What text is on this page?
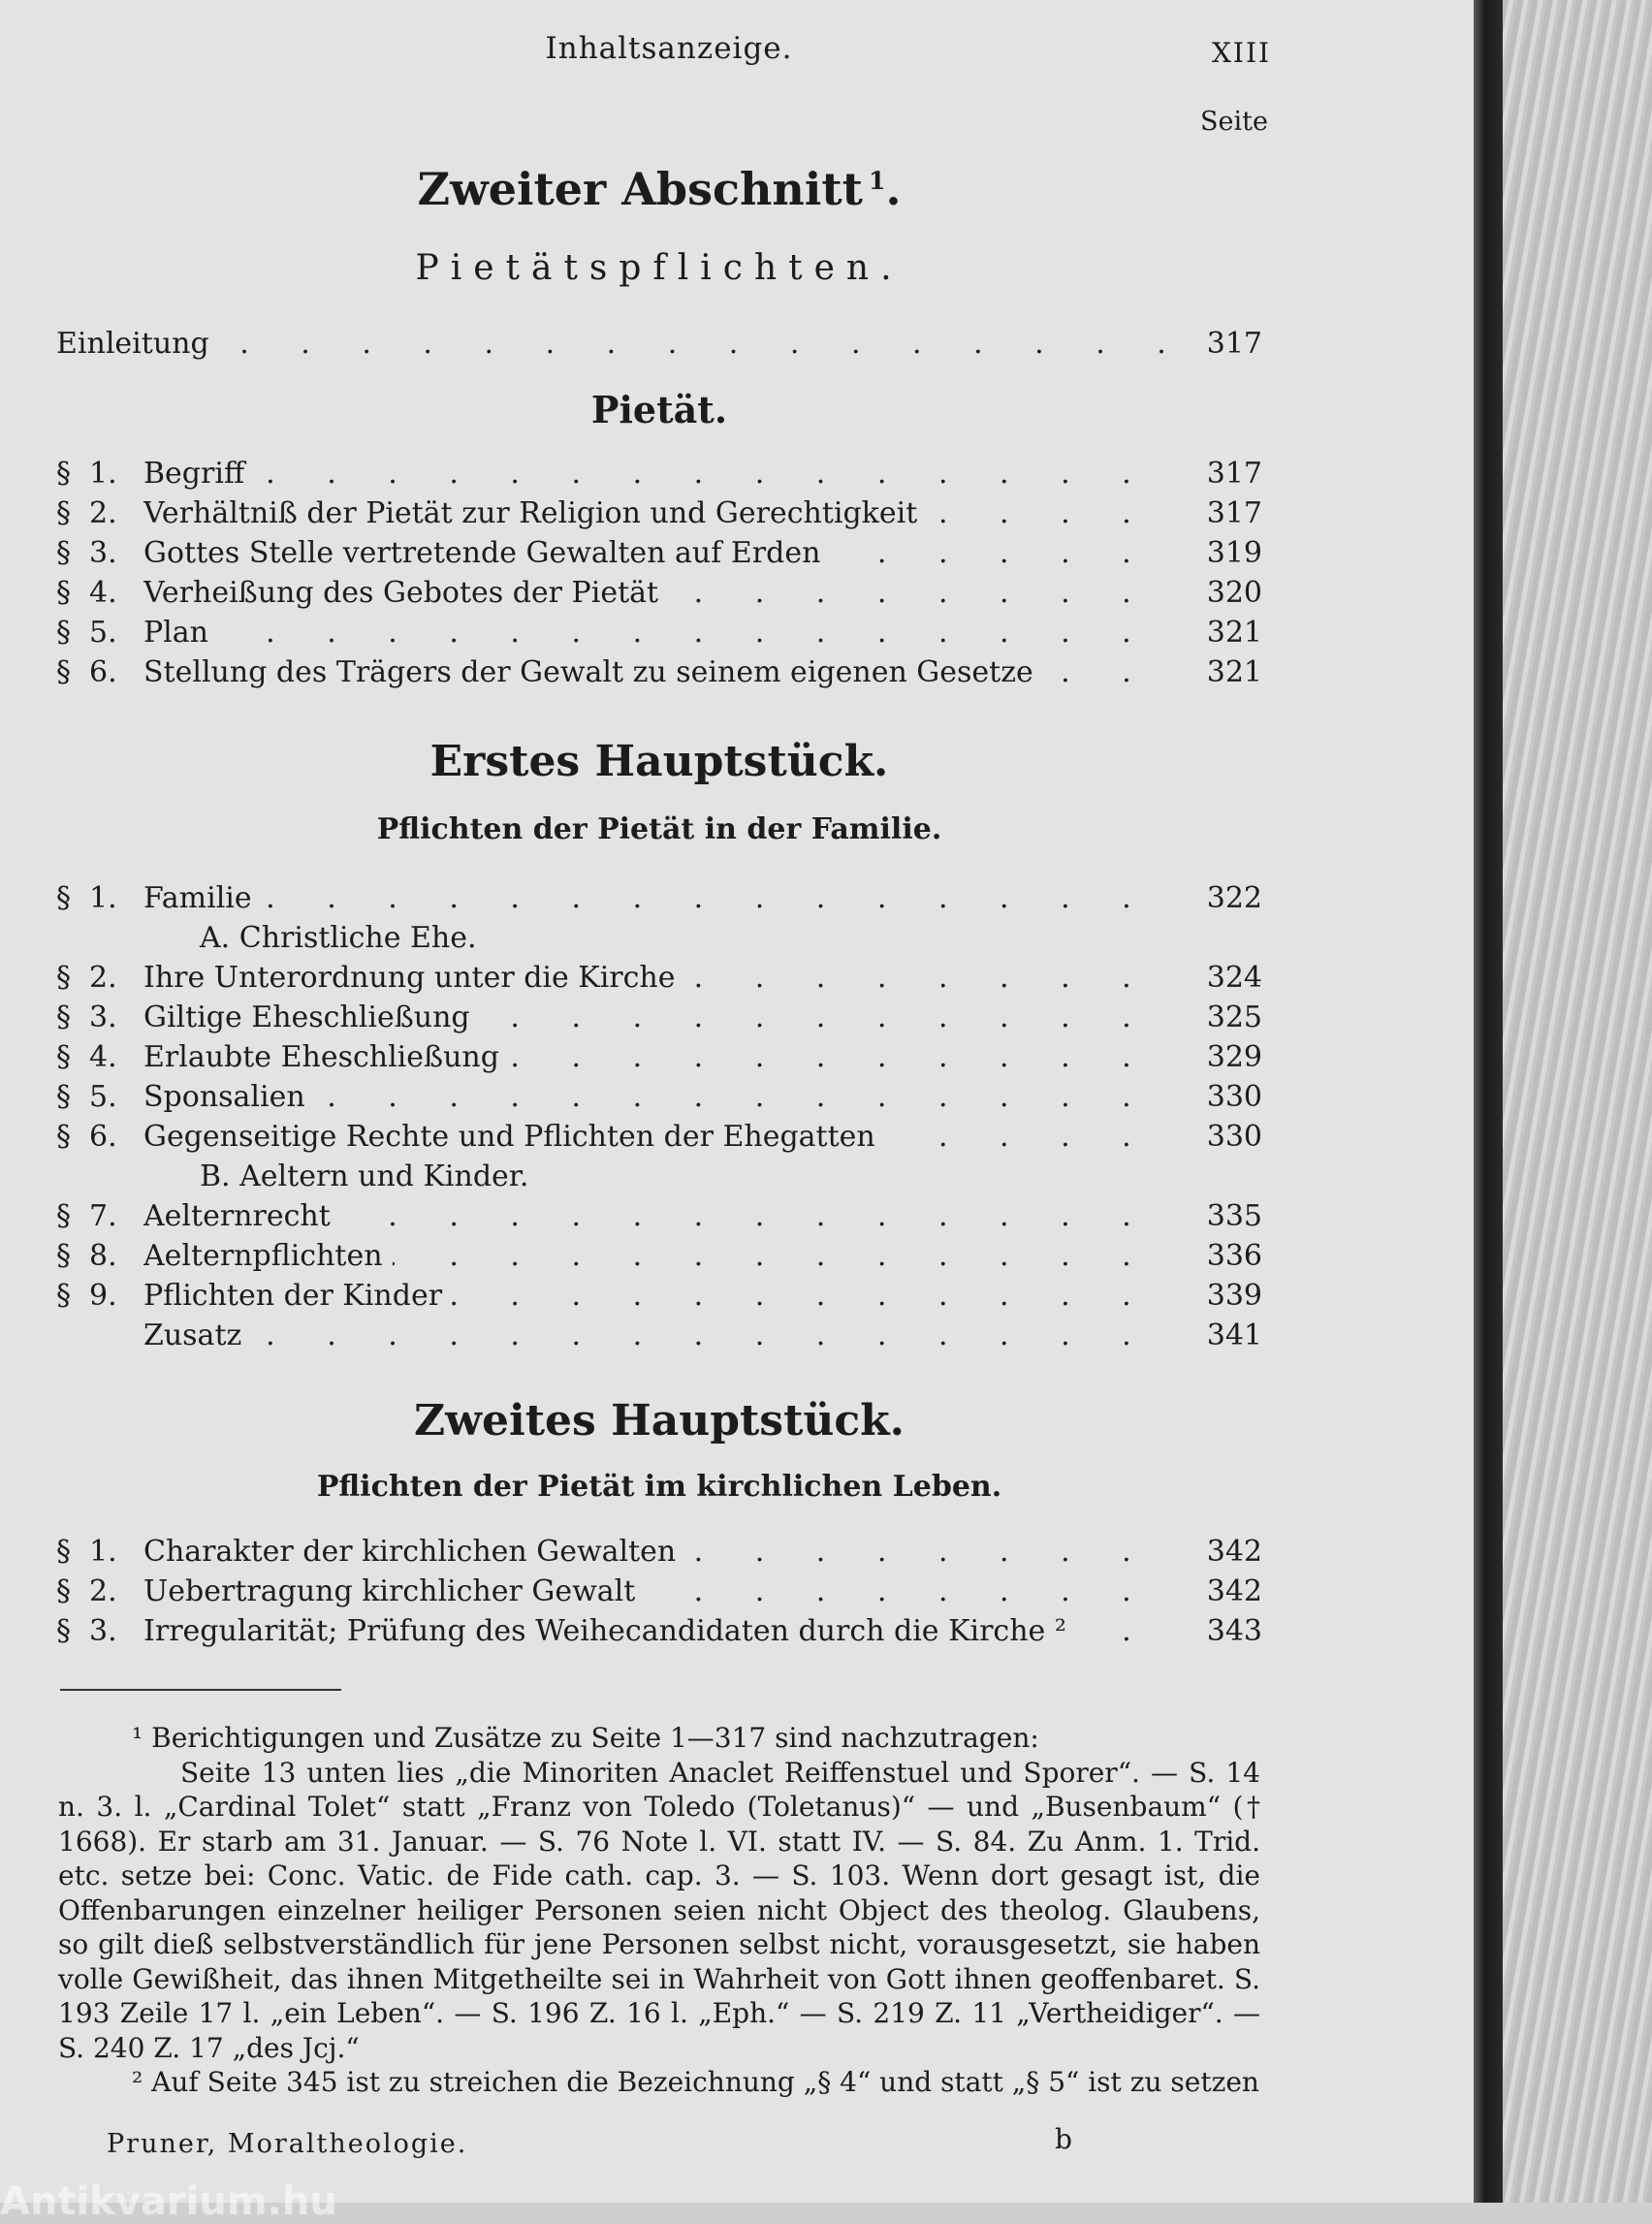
Inhaltsanzeige.	XIII
Seite
Zweiter Abschnitt $^1$.
Pietätspflichten.
Einleitung . . .	317
Pietät.
§ 1. Begriff . . .	317
§ 2. Verhältniß der Pietät zur Religion und Gerechtigkeit . . .	317
§ 3. Gottes Stelle vertretende Gewalten auf Erden . . .	319
§ 4. Verheißung des Gebotes der Pietät . . .	320
§ 5. Plan . . .	321
§ 6. Stellung des Trägers der Gewalt zu seinem eigenen Gesetze . . .	321
Erstes Hauptstück.
Pflichten der Pietät in der Familie.
§ 1. Familie . . .	322
A. Christliche Ehe.
§ 2. Ihre Unterordnung unter die Kirche . . .	324
§ 3. Giltige Eheschließung . . .	325
§ 4. Erlaubte Eheschließung . . .	329
§ 5. Sponsalien . . .	330
§ 6. Gegenseitige Rechte und Pflichten der Ehegatten . . .	330
B. Aeltern und Kinder.
§ 7. Aelternrecht . . .	335
§ 8. Aelternpflichten . . .	336
§ 9. Pflichten der Kinder . . .	339
Zusatz . . .	341
Zweites Hauptstück.
Pflichten der Pietät im kirchlichen Leben.
§ 1. Charakter der kirchlichen Gewalten . . .	342
§ 2. Uebertragung kirchlicher Gewalt . . .	342
§ 3. Irregularität; Prüfung des Weihecandidaten durch die Kirche ² . . .	343

¹ Berichtigungen und Zusätze zu Seite 1—317 sind nachzutragen:

Seite 13 unten lies „die Minoriten Anaclet Reiffenstuel und Sporer“. — S. 14 n. 3. l. „Cardinal Tolet“ statt „Franz von Toledo (Toletanus)“ — und „Busenbaum“ († 1668). Er starb am 31. Januar. — S. 76 Note l. VI. statt IV. — S. 84. Zu Anm. 1. Trid. etc. setze bei: Conc. Vatic. de Fide cath. cap. 3. — S. 103. Wenn dort gesagt ist, die Offenbarungen einzelner heiliger Personen seien nicht Object des theolog. Glaubens, so gilt dieß selbstverständlich für jene Personen selbst nicht, vorausgesetzt, sie haben volle Gewißheit, das ihnen Mitgetheilte sei in Wahrheit von Gott ihnen geoffenbaret. S. 193 Zeile 17 l. „ein Leben“. — S. 196 Z. 16 l. „Eph.“ — S. 219 Z. 11 „Vertheidiger“. — S. 240 Z. 17 „des Jcj.“

² Auf Seite 345 ist zu streichen die Bezeichnung „§ 4“ und statt „§ 5“ ist zu setzen

Pruner, Moraltheologie.	b
Antikvarium.hu
